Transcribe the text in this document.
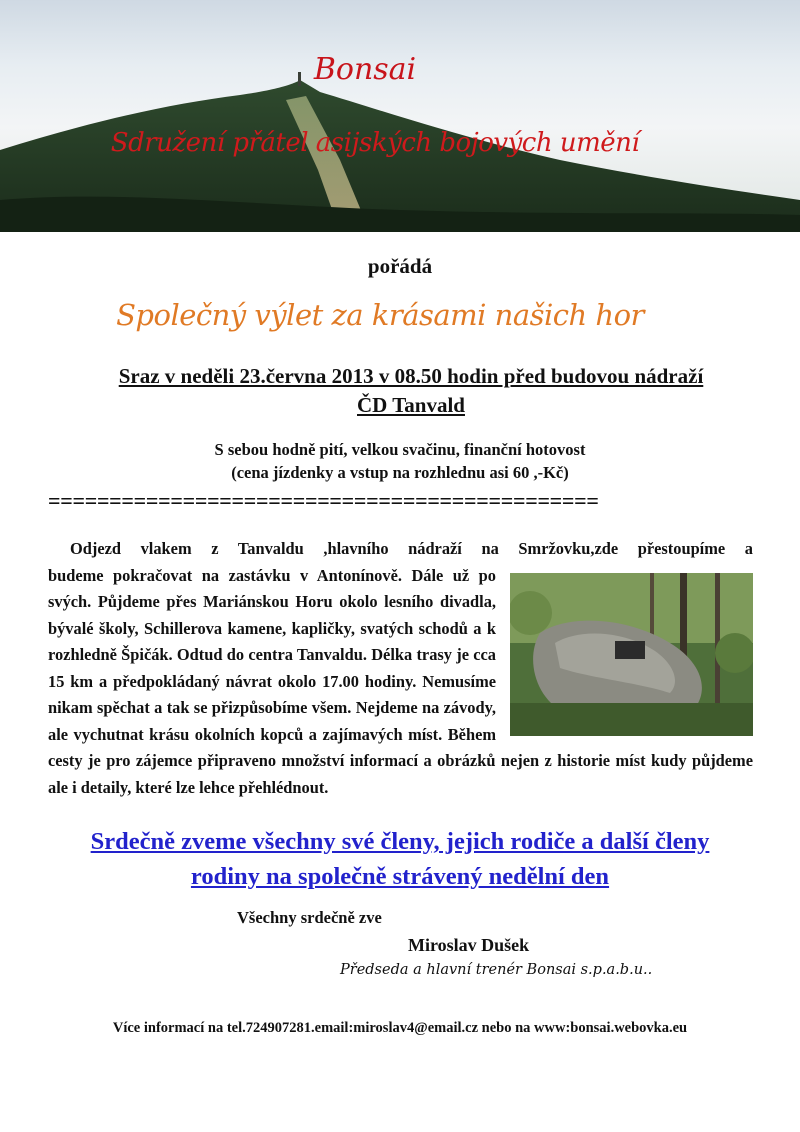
Bonsai
Sdružení přátel asijských bojových umění
pořádá
Společný výlet za krásami našich hor
Sraz v neděli 23.června 2013 v 08.50 hodin před budovou nádraží
ČD Tanvald
S sebou hodně pití, velkou svačinu, finanční hotovost
(cena jízdenky a vstup na rozhlednu asi 60 ,-Kč)
=============================================
Odjezd vlakem z Tanvaldu ,hlavního nádraží na Smržovku,zde přestoupíme a
budeme pokračovat na zastávku v Antonínově. Dále už po svých. Půjdeme přes Mariánskou Horu okolo lesního divadla, bývalé školy, Schillerova kamene, kapličky, svatých schodů a k rozhledně Špičák. Odtud do centra Tanvaldu. Délka trasy je cca 15 km a předpokládaný návrat okolo 17.00 hodiny. Nemusíme nikam spěchat a tak se přizpůsobíme všem. Nejdeme na závody, ale vychutnat krásu okolních kopců a zajímavých míst. Během cesty je pro zájemce připraveno množství informací a obrázků nejen z historie míst kudy půjdeme ale i detaily, které lze lehce přehlédnout.
Srdečně zveme všechny své členy, jejich rodiče a další členy
rodiny na společně strávený nedělní den
Všechny srdečně zve
Miroslav Dušek
Předseda a hlavní trenér Bonsai s.p.a.b.u..
Více informací na tel.724907281.email:miroslav4@email.cz nebo na www:bonsai.webovka.eu
